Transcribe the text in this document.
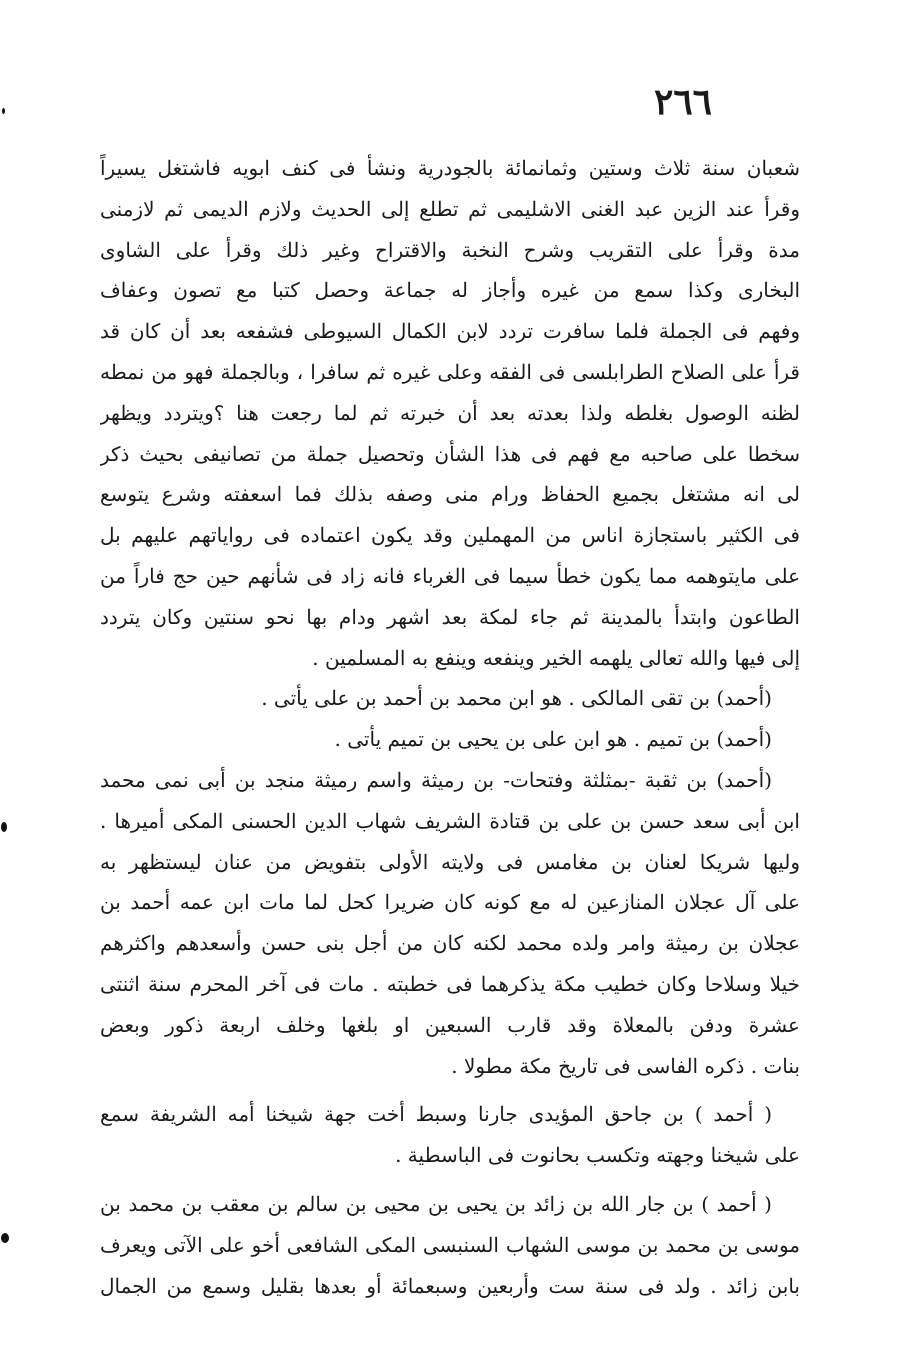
٢٦٦
شعبان سنة ثلاث وستين وثمانمائة بالجودرية ونشأ فى كنف ابويه فاشتغل يسيراً
وقرأ عند الزين عبد الغنى الاشليمى ثم تطلع إلى الحديث ولازم الديمى ثم لازمنى
مدة وقرأ على التقريب وشرح النخبة والاقتراح وغير ذلك وقرأ على الشاوى
البخارى وكذا سمع من غيره وأجاز له جماعة وحصل كتبا مع تصون وعفاف
وفهم فى الجملة فلما سافرت تردد لابن الكمال السيوطى فشفعه بعد أن كان قد
قرأ على الصلاح الطرابلسى فى الفقه وعلى غيره ثم سافرا ، وبالجملة فهو من نمطه
لظنه الوصول بغلطه ولذا بعدته بعد أن خبرته ثم لما رجعت هنا ؟ويتردد ويظهر
سخطا على صاحبه مع فهم فى هذا الشأن وتحصيل جملة من تصانيفى بحيث ذكر
لى انه مشتغل بجميع الحفاظ ورام منى وصفه بذلك فما اسعفته وشرع يتوسع
فى الكثير باستجازة اناس من المهملين وقد يكون اعتماده فى رواياتهم عليهم بل
على مايتوهمه مما يكون خطأ سيما فى الغرباء فانه زاد فى شأنهم حين حج فاراً من
الطاعون وابتدأ بالمدينة ثم جاء لمكة بعد اشهر ودام بها نحو سنتين وكان يتردد
إلى فيها والله تعالى يلهمه الخير وينفعه وينفع به المسلمين .
(أحمد) بن تقى المالكى . هو ابن محمد بن أحمد بن على يأتى .
(أحمد) بن تميم . هو ابن على بن يحيى بن تميم يأتى .
(أحمد) بن ثقبة -بمثلثة وفتحات- بن رميثة واسم رميثة منجد بن أبى نمى محمد
ابن أبى سعد حسن بن على بن قتادة الشريف شهاب الدين الحسنى المكى أميرها .
وليها شريكا لعنان بن مغامس فى ولايته الأولى بتفويض من عنان ليستظهر به
على آل عجلان المنازعين له مع كونه كان ضريرا كحل لما مات ابن عمه أحمد بن
عجلان بن رميثة وامر ولده محمد لكنه كان من أجل بنى حسن وأسعدهم واكثرهم
خيلا وسلاحا وكان خطيب مكة يذكرهما فى خطبته . مات فى آخر المحرم سنة اثنتى
عشرة ودفن بالمعلاة وقد قارب السبعين او بلغها وخلف اربعة ذكور وبعض
بنات . ذكره الفاسى فى تاريخ مكة مطولا .
( أحمد ) بن جاحق المؤيدى جارنا وسبط أخت جهة شيخنا أمه الشريفة سمع
على شيخنا وجهته وتكسب بحانوت فى الباسطية .
( أحمد ) بن جار الله بن زائد بن يحيى بن محيى بن سالم بن معقب بن محمد بن
موسى بن محمد بن موسى الشهاب السنبسى المكى الشافعى أخو على الآتى ويعرف
بابن زائد . ولد فى سنة ست وأربعين وسبعمائة أو بعدها بقليل وسمع من الجمال
